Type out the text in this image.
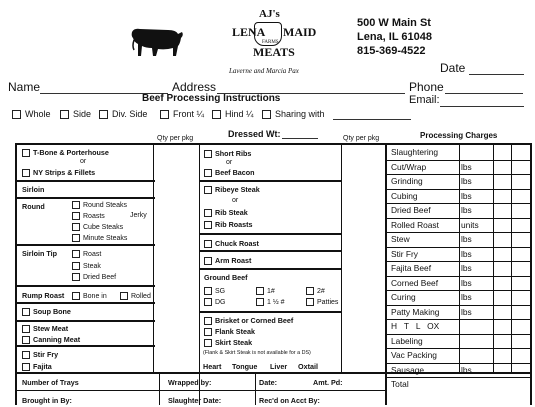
AJ's
LENA MAID
FARMS
MEATS
Laverne and Marcia Pax
500 W Main St
Lena, IL 61048
815-369-4522
Date
Name	Address	Phone
Beef Processing Instructions	Email:
Whole	Side	Div. Side	Front ¼	Hind ¼	Sharing with
Qty per pkg	Dressed Wt:	Qty per pkg	Processing Charges
T-Bone & Porterhouse
or
NY Strips & Fillets
Sirloin
Round	Round Steaks
Roasts	Jerky
Cube Steaks
Minute Steaks
Sirloin Tip	Roast
Steak
Dried Beef
Rump Roast	Bone in	Rolled
Soup Bone
Stew Meat
Canning Meat
Stir Fry
Fajita
Short Ribs
or
Beef Bacon
Ribeye Steak
or
Rib Steak
Rib Roasts
Chuck Roast
Arm Roast
Ground Beef
SG	1#	2#
DG	1 ½ #	Patties
Brisket or Corned Beef
Flank Steak
Skirt Steak
(Flank & Skirt Steak is not available for a DS)
Heart Tongue Liver Oxtail
Slaughtering
Cut/Wrap	lbs
Grinding	lbs
Cubing	lbs
Dried Beef	lbs
Rolled Roast	units
Stew	lbs
Stir Fry	lbs
Fajita Beef	lbs
Corned Beef	lbs
Curing	lbs
Patty Making	lbs
H   T   L   OX
Labeling
Vac Packing
Sausage	lbs
Total
Number of Trays	Wrapped by:	Date:	Amt. Pd:
Brought in By:	Slaughter Date:	Rec'd on Acct By:
